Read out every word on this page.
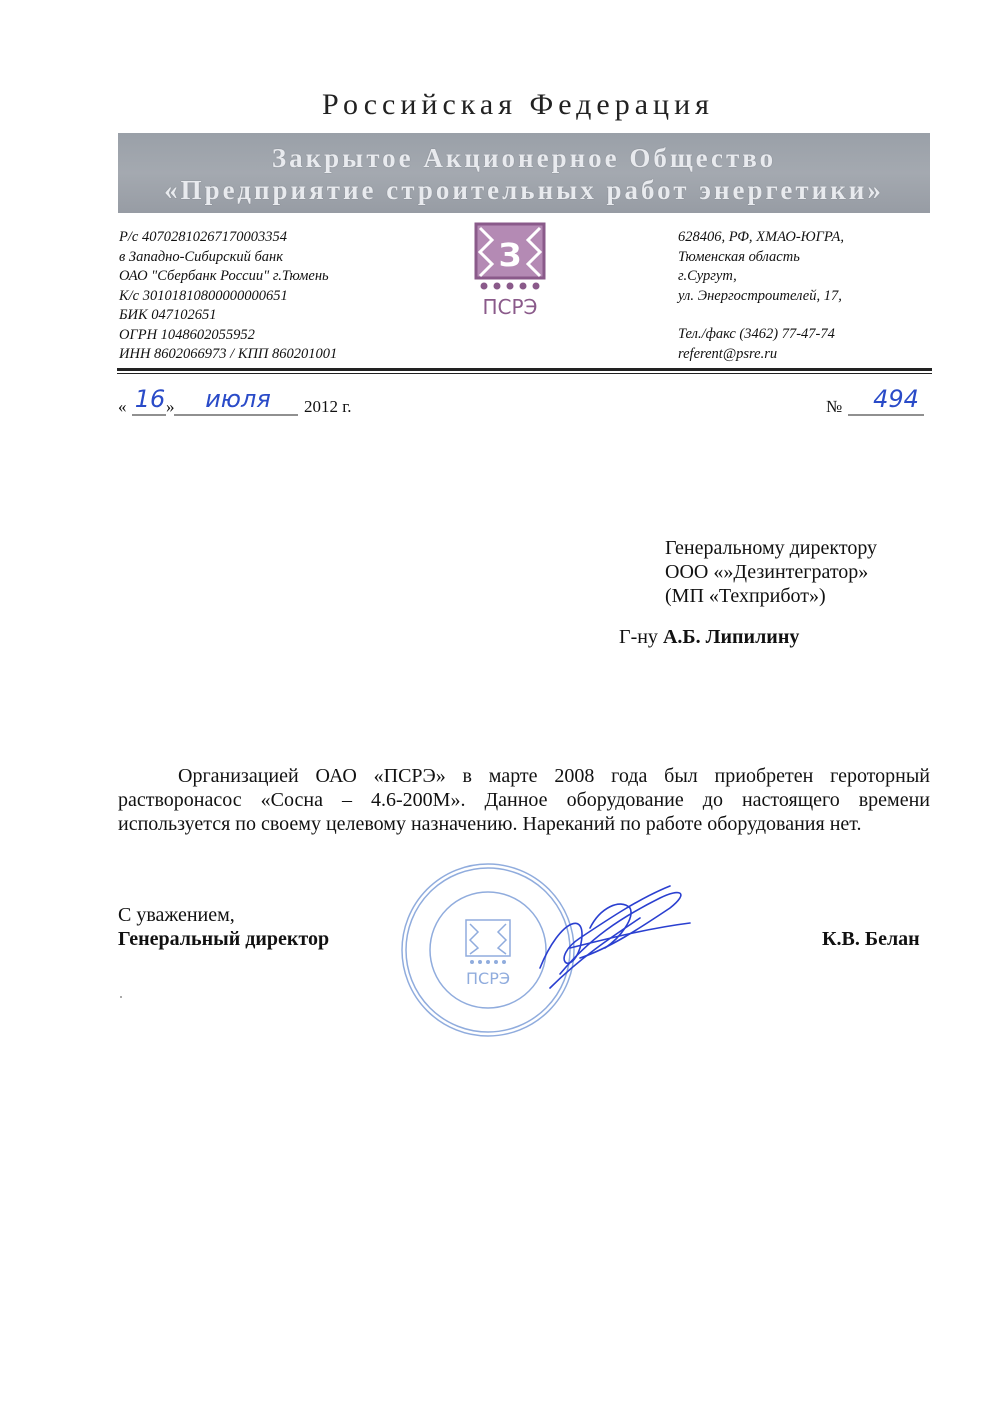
Российская Федерация
Закрытое Акционерное Общество
«Предприятие строительных работ энергетики»
Р/с 40702810267170003354
в Западно-Сибирский банк
ОАО "Сбербанк России" г.Тюмень
К/с 30101810800000000651
БИК 047102651
ОГРН 1048602055952
ИНН 8602066973 / КПП 860201001
З
ПСРЭ
628406, РФ, ХМАО-ЮГРА,
Тюменская область
г.Сургут,
ул. Энергостроителей, 17,
Тел./факс (3462) 77-47-74
referent@psre.ru
« 16 »	июля	2012 г.	№ 494
Генеральному директору
ООО «»Дезинтегратор»
(МП «Техприбот»)
Г-ну А.Б. Липилину
Организацией ОАО «ПСРЭ» в марте 2008 года был приобретен героторный растворонасос «Сосна – 4.6-200М». Данное оборудование до настоящего времени используется по своему целевому назначению. Нареканий по работе оборудования нет.
С уважением,
Генеральный директор	К.В. Белан
ПСРЭ
